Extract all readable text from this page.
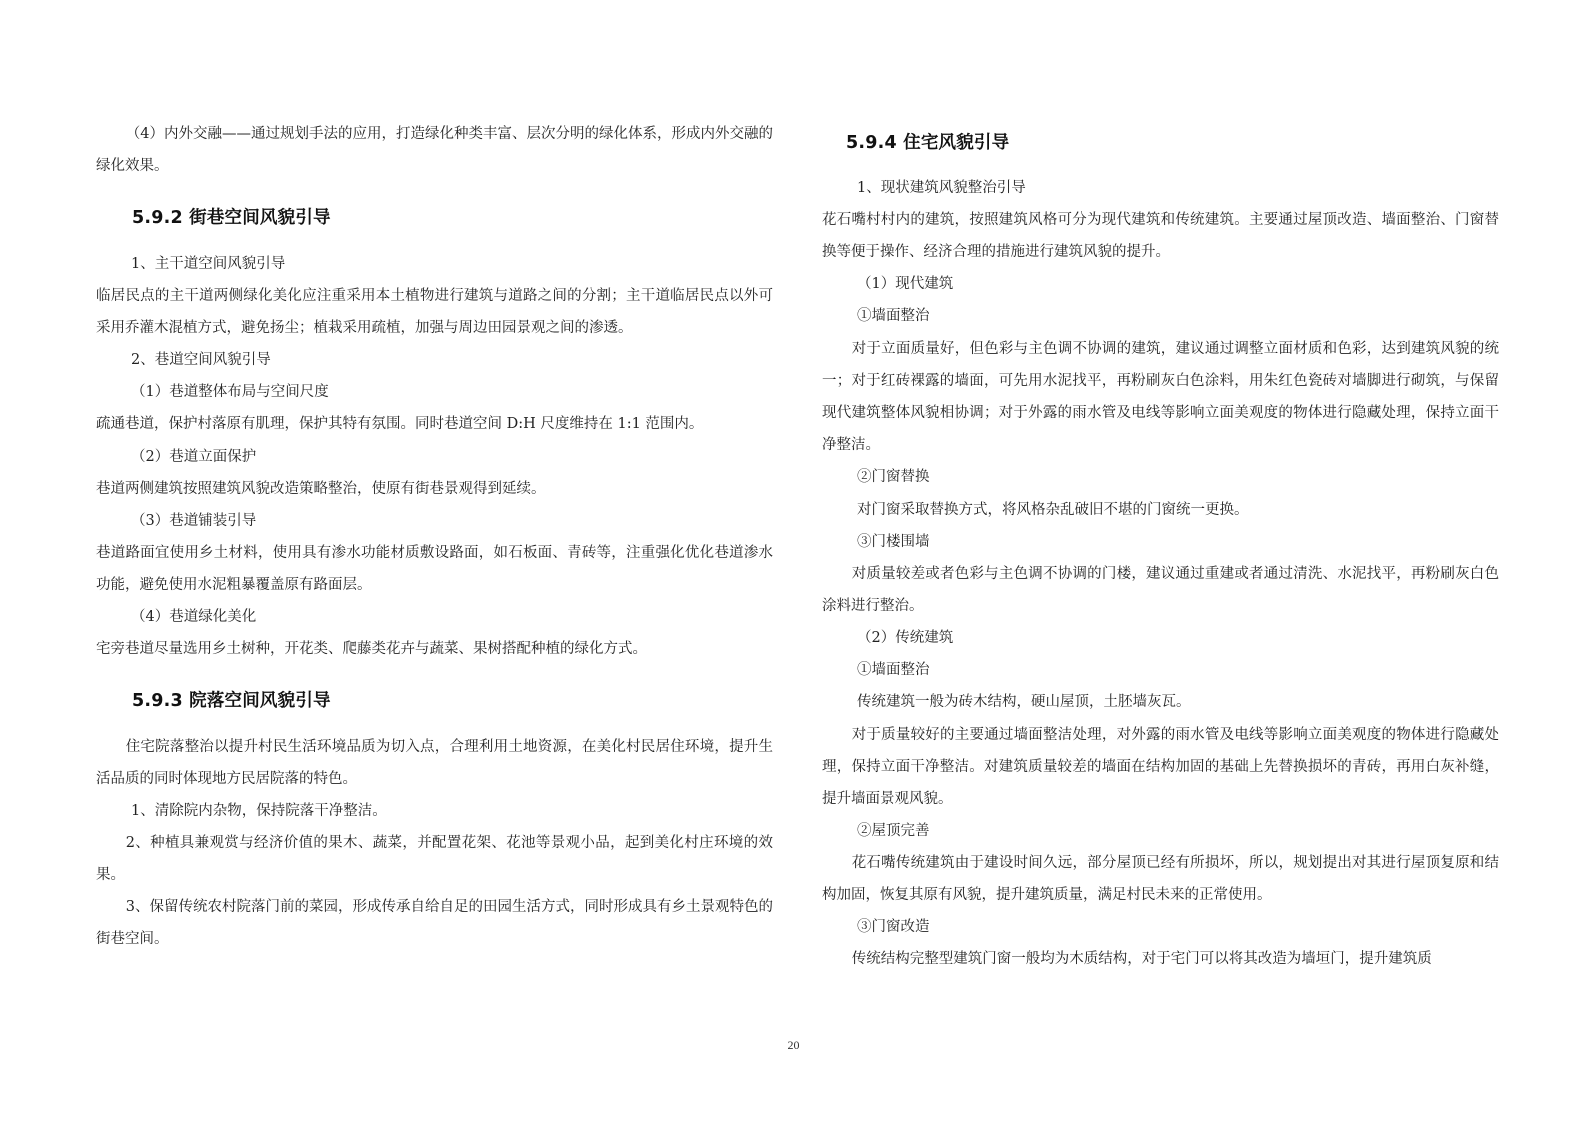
（4）内外交融——通过规划手法的应用，打造绿化种类丰富、层次分明的绿化体系，形成内外交融的绿化效果。

5.9.2 街巷空间风貌引导

1、主干道空间风貌引导

临居民点的主干道两侧绿化美化应注重采用本土植物进行建筑与道路之间的分割；主干道临居民点以外可采用乔灌木混植方式，避免扬尘；植栽采用疏植，加强与周边田园景观之间的渗透。

2、巷道空间风貌引导

（1）巷道整体布局与空间尺度

疏通巷道，保护村落原有肌理，保护其特有氛围。同时巷道空间 D:H 尺度维持在 1:1 范围内。

（2）巷道立面保护

巷道两侧建筑按照建筑风貌改造策略整治，使原有街巷景观得到延续。

（3）巷道铺装引导

巷道路面宜使用乡土材料，使用具有渗水功能材质敷设路面，如石板面、青砖等，注重强化优化巷道渗水功能，避免使用水泥粗暴覆盖原有路面层。

（4）巷道绿化美化

宅旁巷道尽量选用乡土树种，开花类、爬藤类花卉与蔬菜、果树搭配种植的绿化方式。

5.9.3 院落空间风貌引导

住宅院落整治以提升村民生活环境品质为切入点，合理利用土地资源，在美化村民居住环境，提升生活品质的同时体现地方民居院落的特色。

1、清除院内杂物，保持院落干净整洁。

2、种植具兼观赏与经济价值的果木、蔬菜，并配置花架、花池等景观小品，起到美化村庄环境的效果。

3、保留传统农村院落门前的菜园，形成传承自给自足的田园生活方式，同时形成具有乡土景观特色的街巷空间。

5.9.4 住宅风貌引导

1、现状建筑风貌整治引导

花石嘴村村内的建筑，按照建筑风格可分为现代建筑和传统建筑。主要通过屋顶改造、墙面整治、门窗替换等便于操作、经济合理的措施进行建筑风貌的提升。

（1）现代建筑

①墙面整治

对于立面质量好，但色彩与主色调不协调的建筑，建议通过调整立面材质和色彩，达到建筑风貌的统一；对于红砖裸露的墙面，可先用水泥找平，再粉刷灰白色涂料，用朱红色瓷砖对墙脚进行砌筑，与保留现代建筑整体风貌相协调；对于外露的雨水管及电线等影响立面美观度的物体进行隐藏处理，保持立面干净整洁。

②门窗替换

对门窗采取替换方式，将风格杂乱破旧不堪的门窗统一更换。

③门楼围墙

对质量较差或者色彩与主色调不协调的门楼，建议通过重建或者通过清洗、水泥找平，再粉刷灰白色涂料进行整治。

（2）传统建筑

①墙面整治

传统建筑一般为砖木结构，硬山屋顶，土胚墙灰瓦。

对于质量较好的主要通过墙面整洁处理，对外露的雨水管及电线等影响立面美观度的物体进行隐藏处理，保持立面干净整洁。对建筑质量较差的墙面在结构加固的基础上先替换损坏的青砖，再用白灰补缝，提升墙面景观风貌。

②屋顶完善

花石嘴传统建筑由于建设时间久远，部分屋顶已经有所损坏，所以，规划提出对其进行屋顶复原和结构加固，恢复其原有风貌，提升建筑质量，满足村民未来的正常使用。

③门窗改造

传统结构完整型建筑门窗一般均为木质结构，对于宅门可以将其改造为墙垣门，提升建筑质

20
